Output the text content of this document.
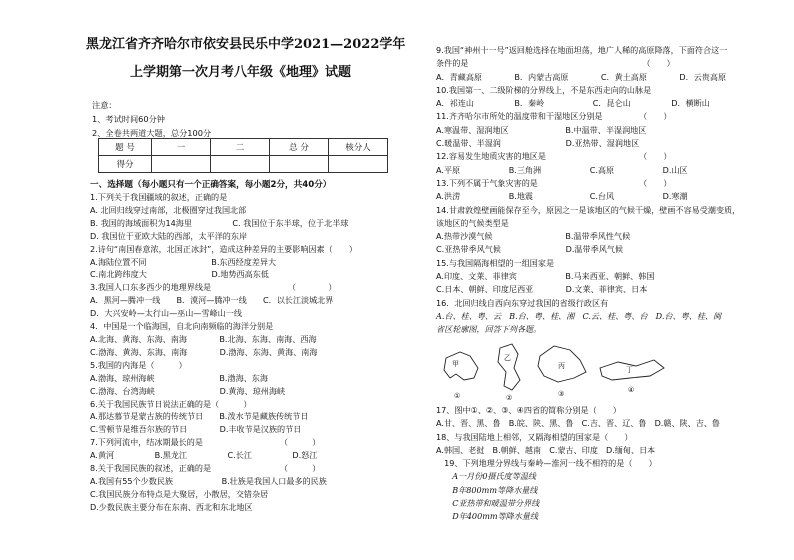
黑龙江省齐齐哈尔市依安县民乐中学2021—2022学年
上学期第一次月考八年级《地理》试题
注意：
1、考试时间60分钟
2、全卷共两道大题，总分100分
题 号	一	二	总 分	核分人
得分				
一、选择题（每小题只有一个正确答案，每小题2分，共40分）
1.下列关于我国疆域的叙述，正确的是
A. 北回归线穿过南部，北极圈穿过我国北部
B. 我国的海域面积为14海里　　　　　C. 我国位于东半球，位于北半球
D. 我国位于亚欧大陆的西部，太平洋的东岸
2.诗句“南国春意浓，北国正冰封”，造成这种差异的主要影响因素（　　）
A.海陆位置不同　　　　　　　　B.东西经度差异大
C.南北跨纬度大　　　　　　　　D.地势西高东低
3.我国人口东多西少的地理界线是　　　　　　　　　　（　　　　）
A．黑河—腾冲一线　　B．漠河—腾冲一线　　C．以长江淡城北界
D．大兴安岭—太行山—巫山—雪峰山一线
4．中国是一个临海国，自北向南频临的海洋分别是
A.北海、黄海、东海、南海　　　　B.北海、东海、南海、西海
C.渤海、黄海、东海、南海　　　　D.渤海、东海、黄海、南海
5.我国的内海是（　　　）
A.渤海、琼州海峡　　　　　　　　B.渤海、东海
C.渤海、台湾海峡　　　　　　　　D.黄海、琼州海峡
6.关于我国民族节日说法正确的是（　　　）
A.那达慕节是蒙古族的传统节日　　B.泼水节是藏族传统节日
C.雪顿节是维吾尔族的节日　　　　D.丰收节是汉族的节日
7.下列河流中，结冰期最长的是　　　　　　　　　　（　　　）
A.黄河　　　　　B.黑龙江　　　　　C.长江　　　　　D.怒江
8.关于我国民族的叙述，正确的是　　　　　　　　　（　　　）
A.我国有55个少数民族　　　　　　B.壮族是我国人口最多的民族
C.我国民族分布特点是大聚居，小散居，交错杂居
D.少数民族主要分布在东南、西北和东北地区
9.我国“神州十一号”返回舱选择在地面坦荡，地广人稀的高原降落，下面符合这一
条件的是　　　　　　　　　　　　　　　　　　　　　　（　　）
A．青藏高原　　　　B．内蒙古高原　　　　C．黄土高原　　　　D．云贵高原
10.我国第一、二级阶梯的分界线上，不是东西走向的山脉是
A．祁连山　　　　　B．秦岭　　　　　　C．昆仑山　　　　　D．横断山
11.齐齐哈尔市所处的温度带和干湿地区分别是　　　　　（　　）
A.寒温带、湿润地区　　　　　　　B.中温带、半湿润地区
C.暖温带、半湿润　　　　　　　　D.亚热带、湿润地区
12.容易发生地质灾害的地区是　　　　　　　　　　　　（　　）
A.平原　　　　　　B.三角洲　　　　　　C.高原　　　　　　D.山区
13.下列不属于气象灾害的是　　　　　　　　　　　　　（　　）
A.洪涝　　　　　　B.地震　　　　　　　C.台风　　　　　　D.寒潮
14.甘肃敦煌壁画能保存至今，原因之一是该地区的气候干燥，壁画不容易受潮变质，
该地区的气候类型是
A.热带沙漠气候　　　　　　　　　B.温带季风性气候
C.亚热带季风气候　　　　　　　　D.温带季风气候
15.与我国隔海相望的一组国家是
A.印度、文莱、菲律宾　　　　　　B.马来西亚、朝鲜、韩国
C.日本、朝鲜、印度尼西亚　　　　D.文莱、菲律宾、日本
16．北回归线自西向东穿过我国的省级行政区有
A.台、桂、粤、云　B.台、粤、桂、湘　C.云、桂、粤、台　D.台、粤、桂、闽
省区轮廓图，回答下列各题。
甲
乙
丙	丁
①	②	③	④
17、图中①、②、③、④四省的简称分别是（　　）
A.甘、晋、黑、鲁　B.皖、陕、黑、鲁　C.吉、晋、辽、鲁　D.赣、陕、吉、鲁
18、与我国陆地上相邻，又隔海相望的国家是（　　）
A.韩国、老挝　B.朝鲜、越南　C.蒙古、印度　D.缅甸、日本
　19、下列地理分界线与秦岭—淮河一线不相符的是（　　）
　　A一月份0摄氏度等温线
　　B年800mm等降水量线
　　C亚热带和暖温带分界线
　　D年400mm等降水量线
